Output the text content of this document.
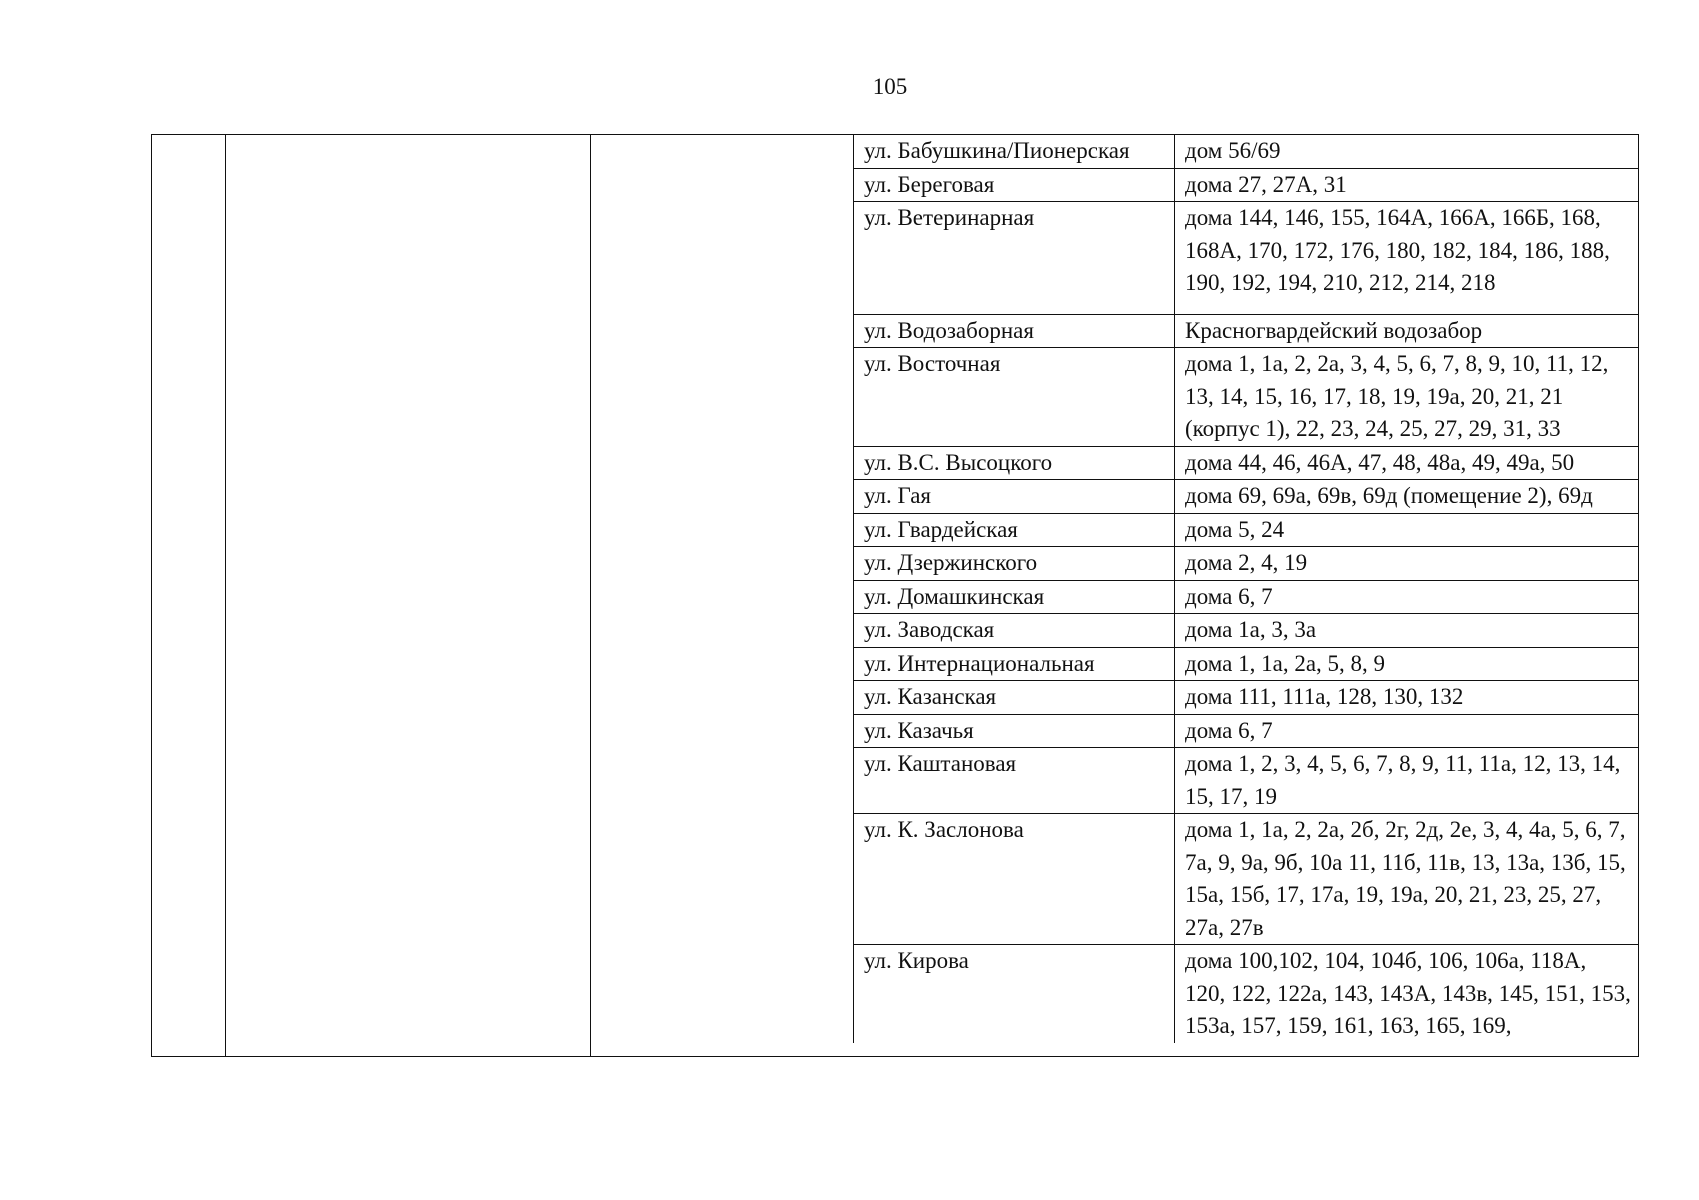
105
ул. Бабушкина/Пионерская	дом 56/69
ул. Береговая	дома 27, 27А, 31
ул. Ветеринарная	дома 144, 146, 155, 164А, 166А, 166Б, 168, 168А, 170, 172, 176, 180, 182, 184, 186, 188, 190, 192, 194, 210, 212, 214, 218
ул. Водозаборная	Красногвардейский водозабор
ул. Восточная	дома 1, 1а, 2, 2а, 3, 4, 5, 6, 7, 8, 9, 10, 11, 12, 13, 14, 15, 16, 17, 18, 19, 19а, 20, 21, 21 (корпус 1), 22, 23, 24, 25, 27, 29, 31, 33
ул. В.С. Высоцкого	дома 44, 46, 46А, 47, 48, 48а, 49, 49а, 50
ул. Гая	дома 69, 69а, 69в, 69д (помещение 2), 69д
ул. Гвардейская	дома 5, 24
ул. Дзержинского	дома 2, 4, 19
ул. Домашкинская	дома 6, 7
ул. Заводская	дома 1а, 3, 3а
ул. Интернациональная	дома 1, 1а, 2а, 5, 8, 9
ул. Казанская	дома 111, 111а, 128, 130, 132
ул. Казачья	дома 6, 7
ул. Каштановая	дома 1, 2, 3, 4, 5, 6, 7, 8, 9, 11, 11а, 12, 13, 14, 15, 17, 19
ул. К. Заслонова	дома 1, 1а, 2, 2а, 2б, 2г, 2д, 2е, 3, 4, 4а, 5, 6, 7, 7а, 9, 9а, 9б, 10а 11, 11б, 11в, 13, 13а, 13б, 15, 15а, 15б, 17, 17а, 19, 19а, 20, 21, 23, 25, 27, 27а, 27в
ул. Кирова	дома 100,102, 104, 104б, 106, 106а, 118А, 120, 122, 122а, 143, 143А, 143в, 145, 151, 153, 153а, 157, 159, 161, 163, 165, 169,
